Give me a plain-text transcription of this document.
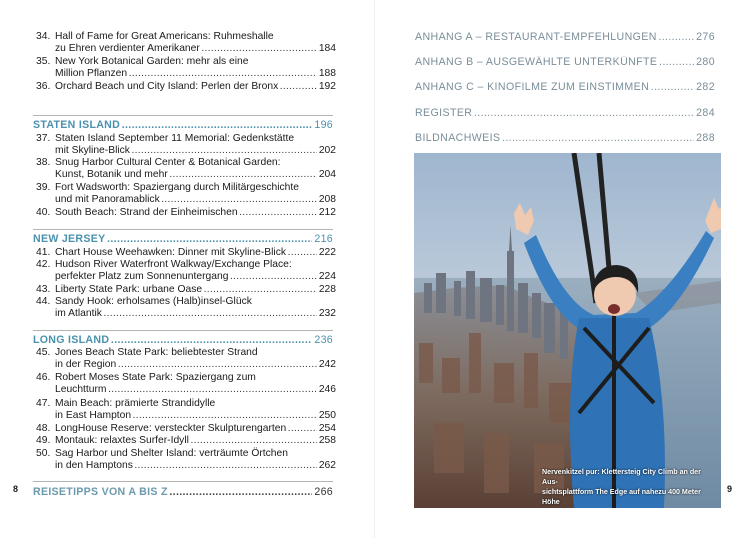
34. Hall of Fame for Great Americans: Ruhmeshalle
zu Ehren verdienter Amerikaner . . .	184
35. New York Botanical Garden: mehr als eine
Million Pflanzen . . .	188
36. Orchard Beach und City Island: Perlen der Bronx . . .	192
STATEN ISLAND . . .	196
37. Staten Island September 11 Memorial: Gedenkstätte
mit Skyline-Blick . . .	202
38. Snug Harbor Cultural Center & Botanical Garden:
Kunst, Botanik und mehr . . .	204
39. Fort Wadsworth: Spaziergang durch Militärgeschichte
und mit Panoramablick . . .	208
40. South Beach: Strand der Einheimischen . . .	212
NEW JERSEY . . .	216
41. Chart House Weehawken: Dinner mit Skyline-Blick . . .	222
42. Hudson River Waterfront Walkway/Exchange Place:
perfekter Platz zum Sonnenuntergang . . .	224
43. Liberty State Park: urbane Oase . . .	228
44. Sandy Hook: erholsames (Halb)insel-Glück
im Atlantik . . .	232
LONG ISLAND . . .	236
45. Jones Beach State Park: beliebtester Strand
in der Region . . .	242
46. Robert Moses State Park: Spaziergang zum
Leuchtturm . . .	246
47. Main Beach: prämierte Strandidylle
in East Hampton . . .	250
48. LongHouse Reserve: versteckter Skulpturengarten . . .	254
49. Montauk: relaxtes Surfer-Idyll . . .	258
50. Sag Harbor und Shelter Island: verträumte Örtchen
in den Hamptons . . .	262
REISETIPPS VON A BIS Z . . .	266
8
ANHANG A – RESTAURANT-EMPFEHLUNGEN . . .	276
ANHANG B – AUSGEWÄHLTE UNTERKÜNFTE . . .	280
ANHANG C – KINOFILME ZUM EINSTIMMEN . . .	282
REGISTER . . .	284
BILDNACHWEIS . . .	288
Nervenkitzel pur: Klettersteig City Climb an der Aus-
sichtsplattform The Edge auf nahezu 400 Meter Höhe
9
